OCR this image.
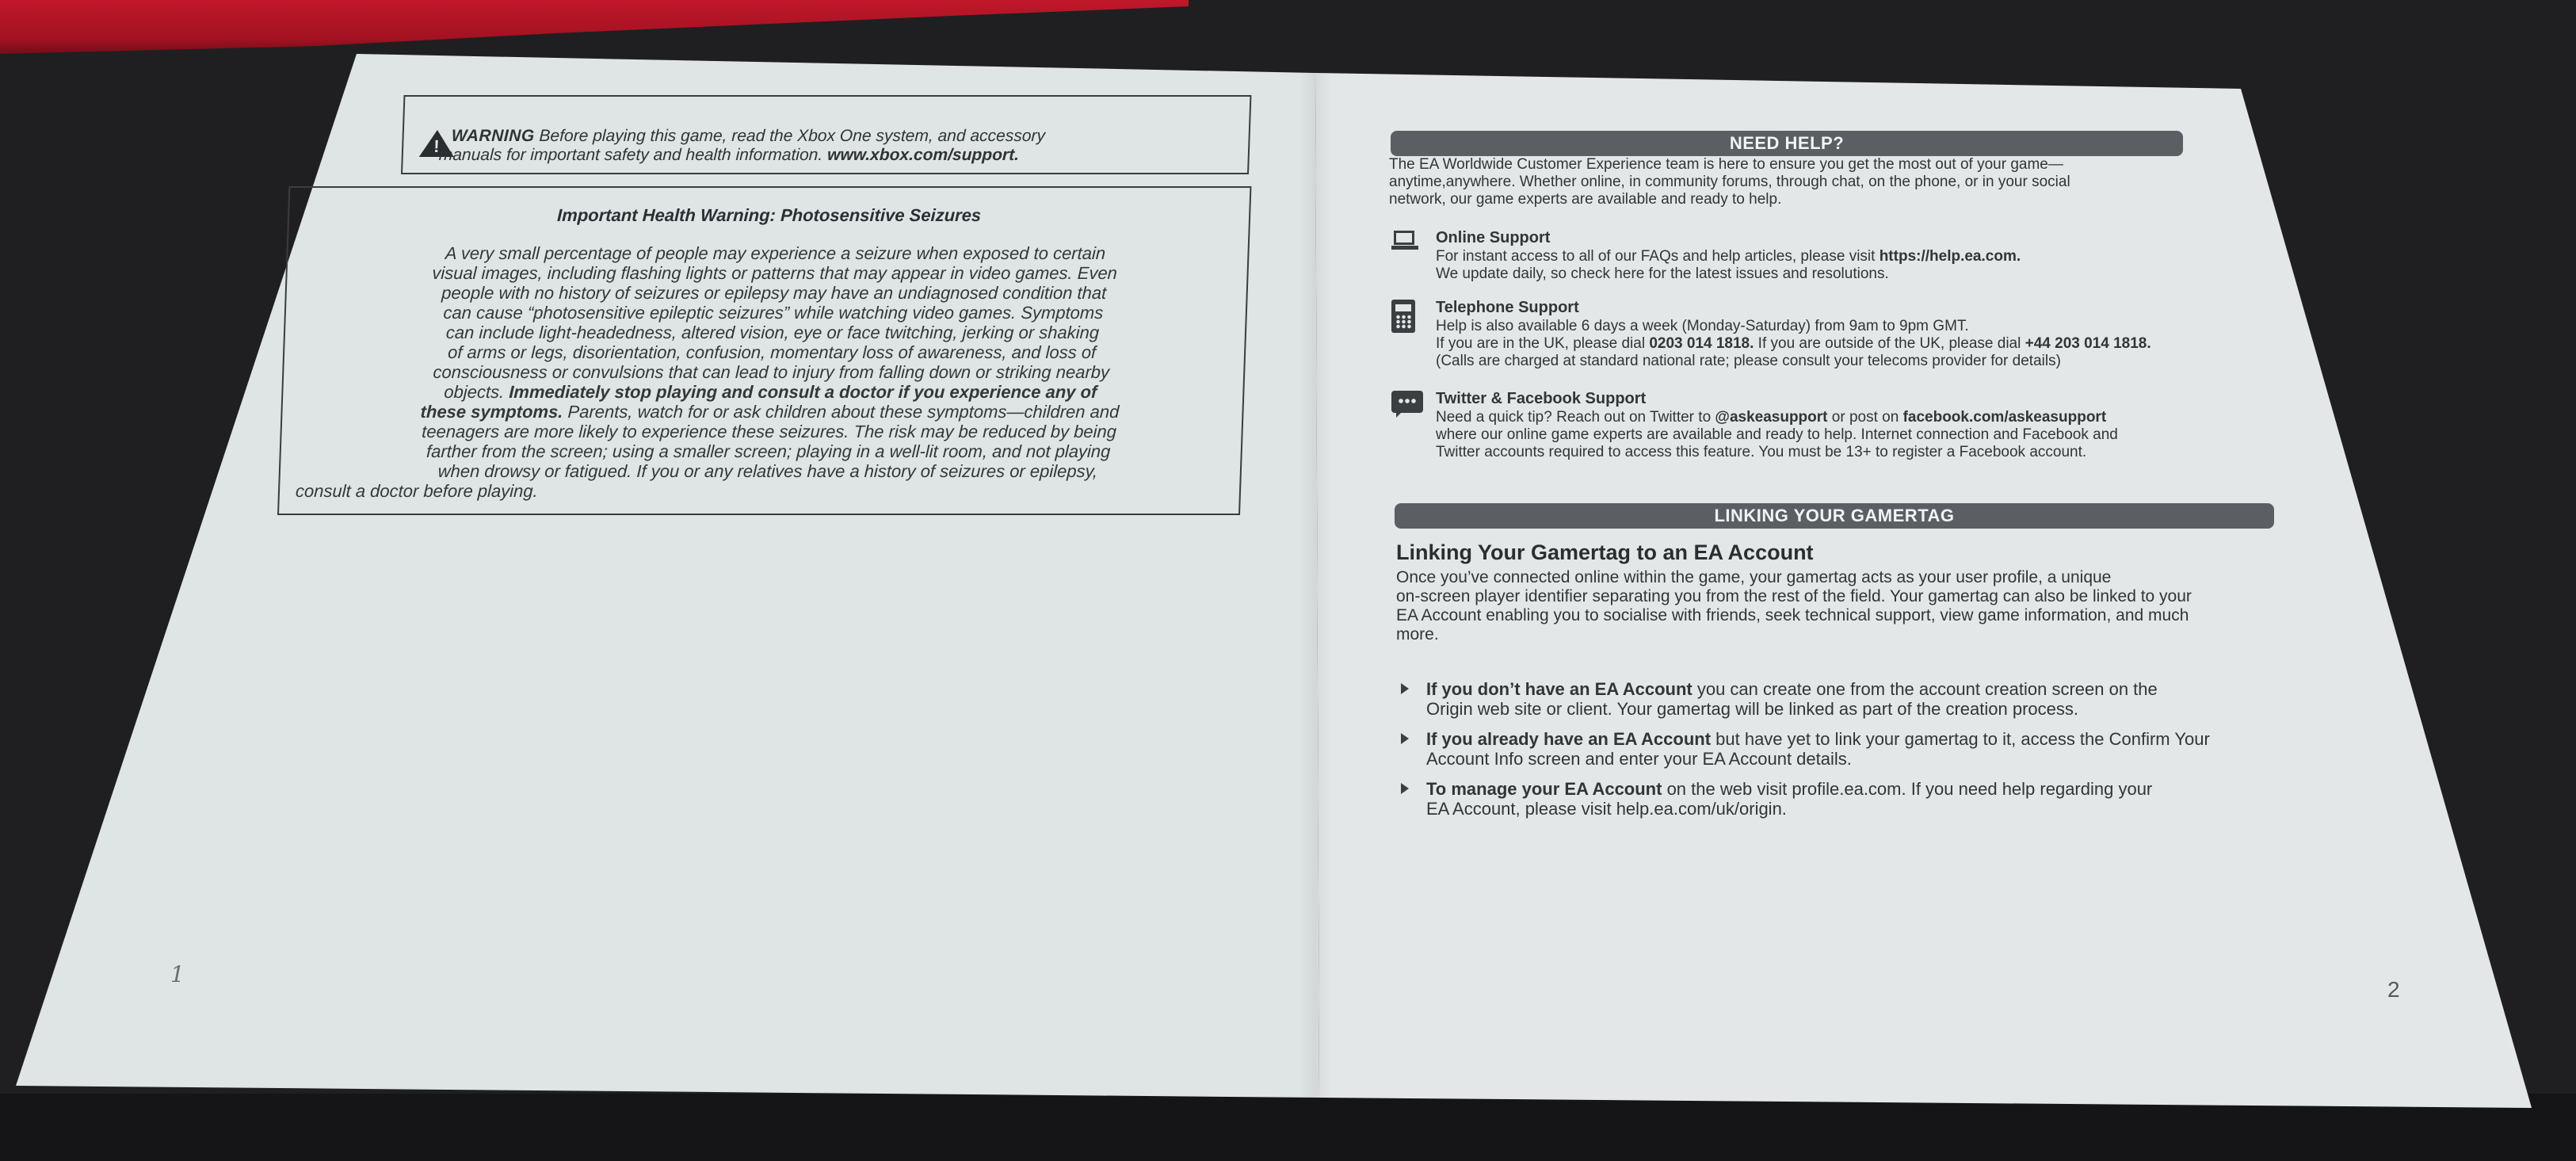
!
WARNING Before playing this game, read the Xbox One system, and accessory
manuals for important safety and health information. www.xbox.com/support.
Important Health Warning: Photosensitive Seizures
A very small percentage of people may experience a seizure when exposed to certain
visual images, including flashing lights or patterns that may appear in video games. Even
people with no history of seizures or epilepsy may have an undiagnosed condition that
can cause “photosensitive epileptic seizures” while watching video games. Symptoms
can include light-headedness, altered vision, eye or face twitching, jerking or shaking
of arms or legs, disorientation, confusion, momentary loss of awareness, and loss of
consciousness or convulsions that can lead to injury from falling down or striking nearby
objects. Immediately stop playing and consult a doctor if you experience any of
these symptoms. Parents, watch for or ask children about these symptoms—children and
teenagers are more likely to experience these seizures. The risk may be reduced by being
farther from the screen; using a smaller screen; playing in a well-lit room, and not playing
when drowsy or fatigued. If you or any relatives have a history of seizures or epilepsy,
consult a doctor before playing.
1
NEED HELP?
The EA Worldwide Customer Experience team is here to ensure you get the most out of your game—
anytime,anywhere. Whether online, in community forums, through chat, on the phone, or in your social
network, our game experts are available and ready to help.
Online Support
For instant access to all of our FAQs and help articles, please visit https://help.ea.com.
We update daily, so check here for the latest issues and resolutions.
Telephone Support
Help is also available 6 days a week (Monday-Saturday) from 9am to 9pm GMT.
If you are in the UK, please dial 0203 014 1818. If you are outside of the UK, please dial +44 203 014 1818.
(Calls are charged at standard national rate; please consult your telecoms provider for details)
Twitter & Facebook Support
Need a quick tip? Reach out on Twitter to @askeasupport or post on facebook.com/askeasupport
where our online game experts are available and ready to help. Internet connection and Facebook and
Twitter accounts required to access this feature. You must be 13+ to register a Facebook account.
LINKING YOUR GAMERTAG
Linking Your Gamertag to an EA Account
Once you’ve connected online within the game, your gamertag acts as your user profile, a unique
on-screen player identifier separating you from the rest of the field. Your gamertag can also be linked to your
EA Account enabling you to socialise with friends, seek technical support, view game information, and much
more.
If you don’t have an EA Account you can create one from the account creation screen on the
Origin web site or client. Your gamertag will be linked as part of the creation process.
If you already have an EA Account but have yet to link your gamertag to it, access the Confirm Your
Account Info screen and enter your EA Account details.
To manage your EA Account on the web visit profile.ea.com. If you need help regarding your
EA Account, please visit help.ea.com/uk/origin.
2
